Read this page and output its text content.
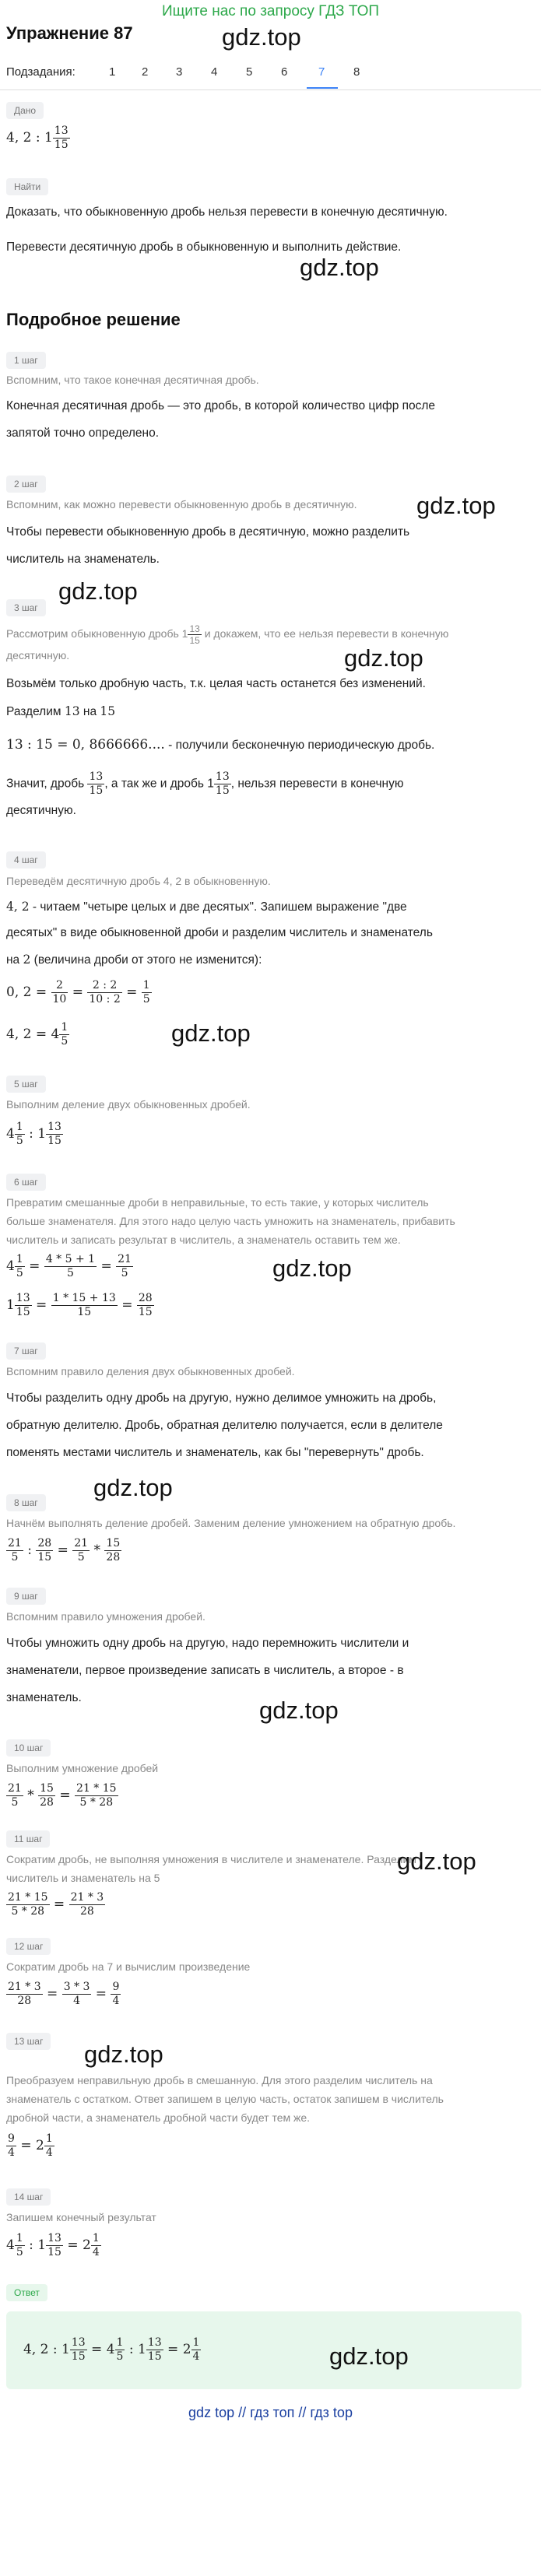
Ищите нас по запросу ГДЗ ТОП
Упражнение 87	gdz.top
Подзадания:	1 2 3 4 5 6	7 8
Дано
4, 2 : $1 \frac{13}{15}$
Найти
Доказать, что обыкновенную дробь нельзя перевести в конечную десятичную.
Перевести десятичную дробь в обыкновенную и выполнить действие.
gdz.top
Подробное решение
1 шаг
Вспомним, что такое конечная десятичная дробь.
Конечная десятичная дробь — это дробь, в которой количество цифр после
запятой точно определено.
2 шаг
Вспомним, как можно перевести обыкновенную дробь в десятичную. gdz.top
Чтобы перевести обыкновенную дробь в десятичную, можно разделить
числитель на знаменатель.
gdz.top
3 шаг
Рассмотрим обыкновенную дробь $1 \frac{13}{15}$ и докажем, что ее нельзя перевести в конечную
десятичную.	gdz.top
Возьмём только дробную часть, т.к. целая часть останется без изменений.
Разделим 13 на 15
13 : 15 = 0, 8666666.... - получили бесконечную периодическую дробь.
Значит, дробь $\frac{13}{15}$ , а так же и дробь $1 \frac{13}{15}$ , нельзя перевести в конечную
десятичную.
4 шаг
Переведём десятичную дробь 4, 2 в обыкновенную.
4, 2 - читаем "четыре целых и две десятых". Запишем выражение "две
десятых" в виде обыкновенной дроби и разделим числитель и знаменатель
на 2 (величина дроби от этого не изменится):
0, $2 = \frac{2}{10} = \frac{2 : 2}{10 : 2} = \frac{1}{5}$
4, $2 = 4 \frac{1}{5}$	gdz.top
5 шаг
Выполним деление двух обыкновенных дробей.
$4 \frac{1}{5}$ : $1 \frac{13}{15}$
6 шаг
Превратим смешанные дроби в неправильные, то есть такие, у которых числитель
больше знаменателя. Для этого надо целую часть умножить на знаменатель, прибавить
числитель и записать результат в числитель, а знаменатель оставить тем же.
$4 \frac{1}{5} = \frac{4 * 5 + 1}{5} = \frac{21}{5}$	gdz.top
$1 \frac{13}{15} = \frac{1 * 15 + 13}{15} = \frac{28}{15}$
7 шаг
Вспомним правило деления двух обыкновенных дробей.
Чтобы разделить одну дробь на другую, нужно делимое умножить на дробь,
обратную делителю. Дробь, обратная делителю получается, если в делителе
поменять местами числитель и знаменатель, как бы "перевернуть" дробь.
gdz.top
8 шаг
Начнём выполнять деление дробей. Заменим деление умножением на обратную дробь.
$\frac{21}{5}$ : $\frac{28}{15} = \frac{21}{5} * \frac{15}{28}$
9 шаг
Вспомним правило умножения дробей.
Чтобы умножить одну дробь на другую, надо перемножить числители и
знаменатели, первое произведение записать в числитель, а второе - в
знаменатель.	gdz.top
10 шаг
Выполним умножение дробей
$\frac{21}{5} * \frac{15}{28} = \frac{21 * 15}{5 * 28}$
11 шаг
Сократим дробь, не выполняя умножения в числителе и знаменателе. Разделим
числитель и знаменатель на 5
gdz.top
$\frac{21 * 15}{5 * 28} = \frac{21 * 3}{28}$
12 шаг
Сократим дробь на 7 и вычислим произведение
$\frac{21 * 3}{28} = \frac{3 * 3}{4} = \frac{9}{4}$
gdz.top
13 шаг
Преобразуем неправильную дробь в смешанную. Для этого разделим числитель на
знаменатель с остатком. Ответ запишем в целую часть, остаток запишем в числитель
дробной части, а знаменатель дробной части будет тем же.
$\frac{9}{4} = 2 \frac{1}{4}$
14 шаг
Запишем конечный результат
$4 \frac{1}{5}$ : $1 \frac{13}{15} = 2 \frac{1}{4}$
Ответ
4, 2 : $1 \frac{13}{15} = 4 \frac{1}{5}$ : $1 \frac{13}{15} = 2 \frac{1}{4}$	gdz.top
gdz top // гдз топ // гдз top
